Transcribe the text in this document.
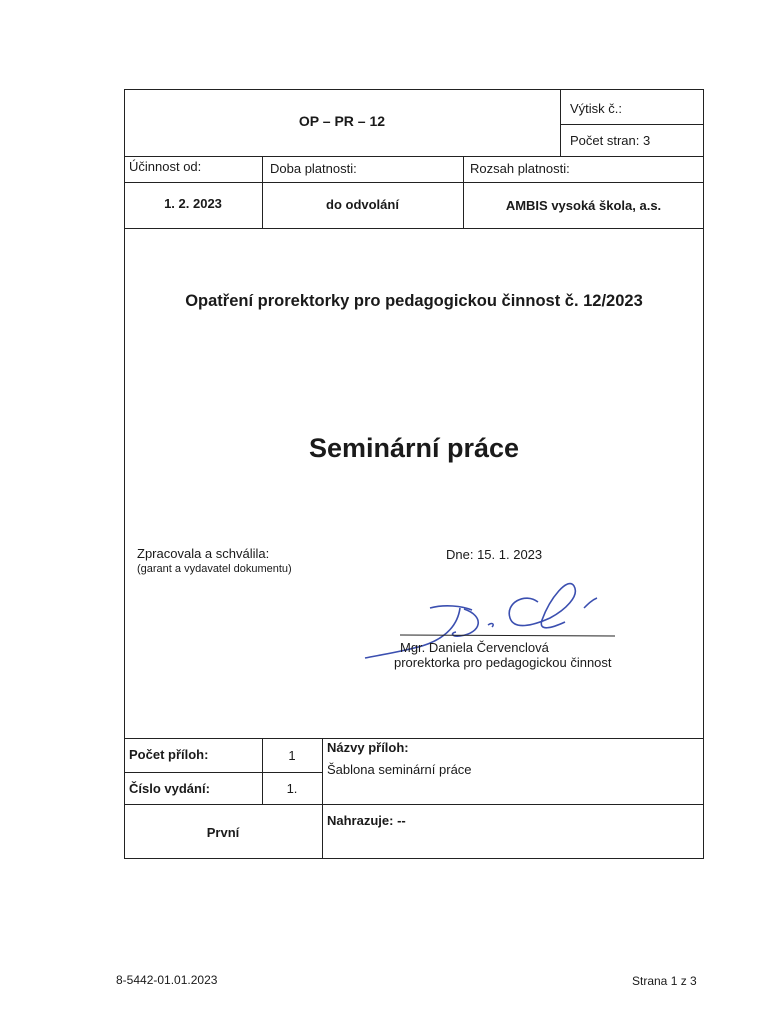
OP – PR – 12
Výtisk č.:
Počet stran: 3
Účinnost od:	Doba platnosti:	Rozsah platnosti:
1. 2. 2023	do odvolání	AMBIS vysoká škola, a.s.
Opatření prorektorky pro pedagogickou činnost č. 12/2023
Seminární práce
Zpracovala a schválila:
(garant a vydavatel dokumentu)
Dne: 15. 1. 2023
Mgr. Daniela Červenclová
prorektorka pro pedagogickou činnost
Počet příloh:	1
Názvy příloh:
Šablona seminární práce
Číslo vydání:	1.
První
Nahrazuje: --
8-5442-01.01.2023	Strana 1 z 3
